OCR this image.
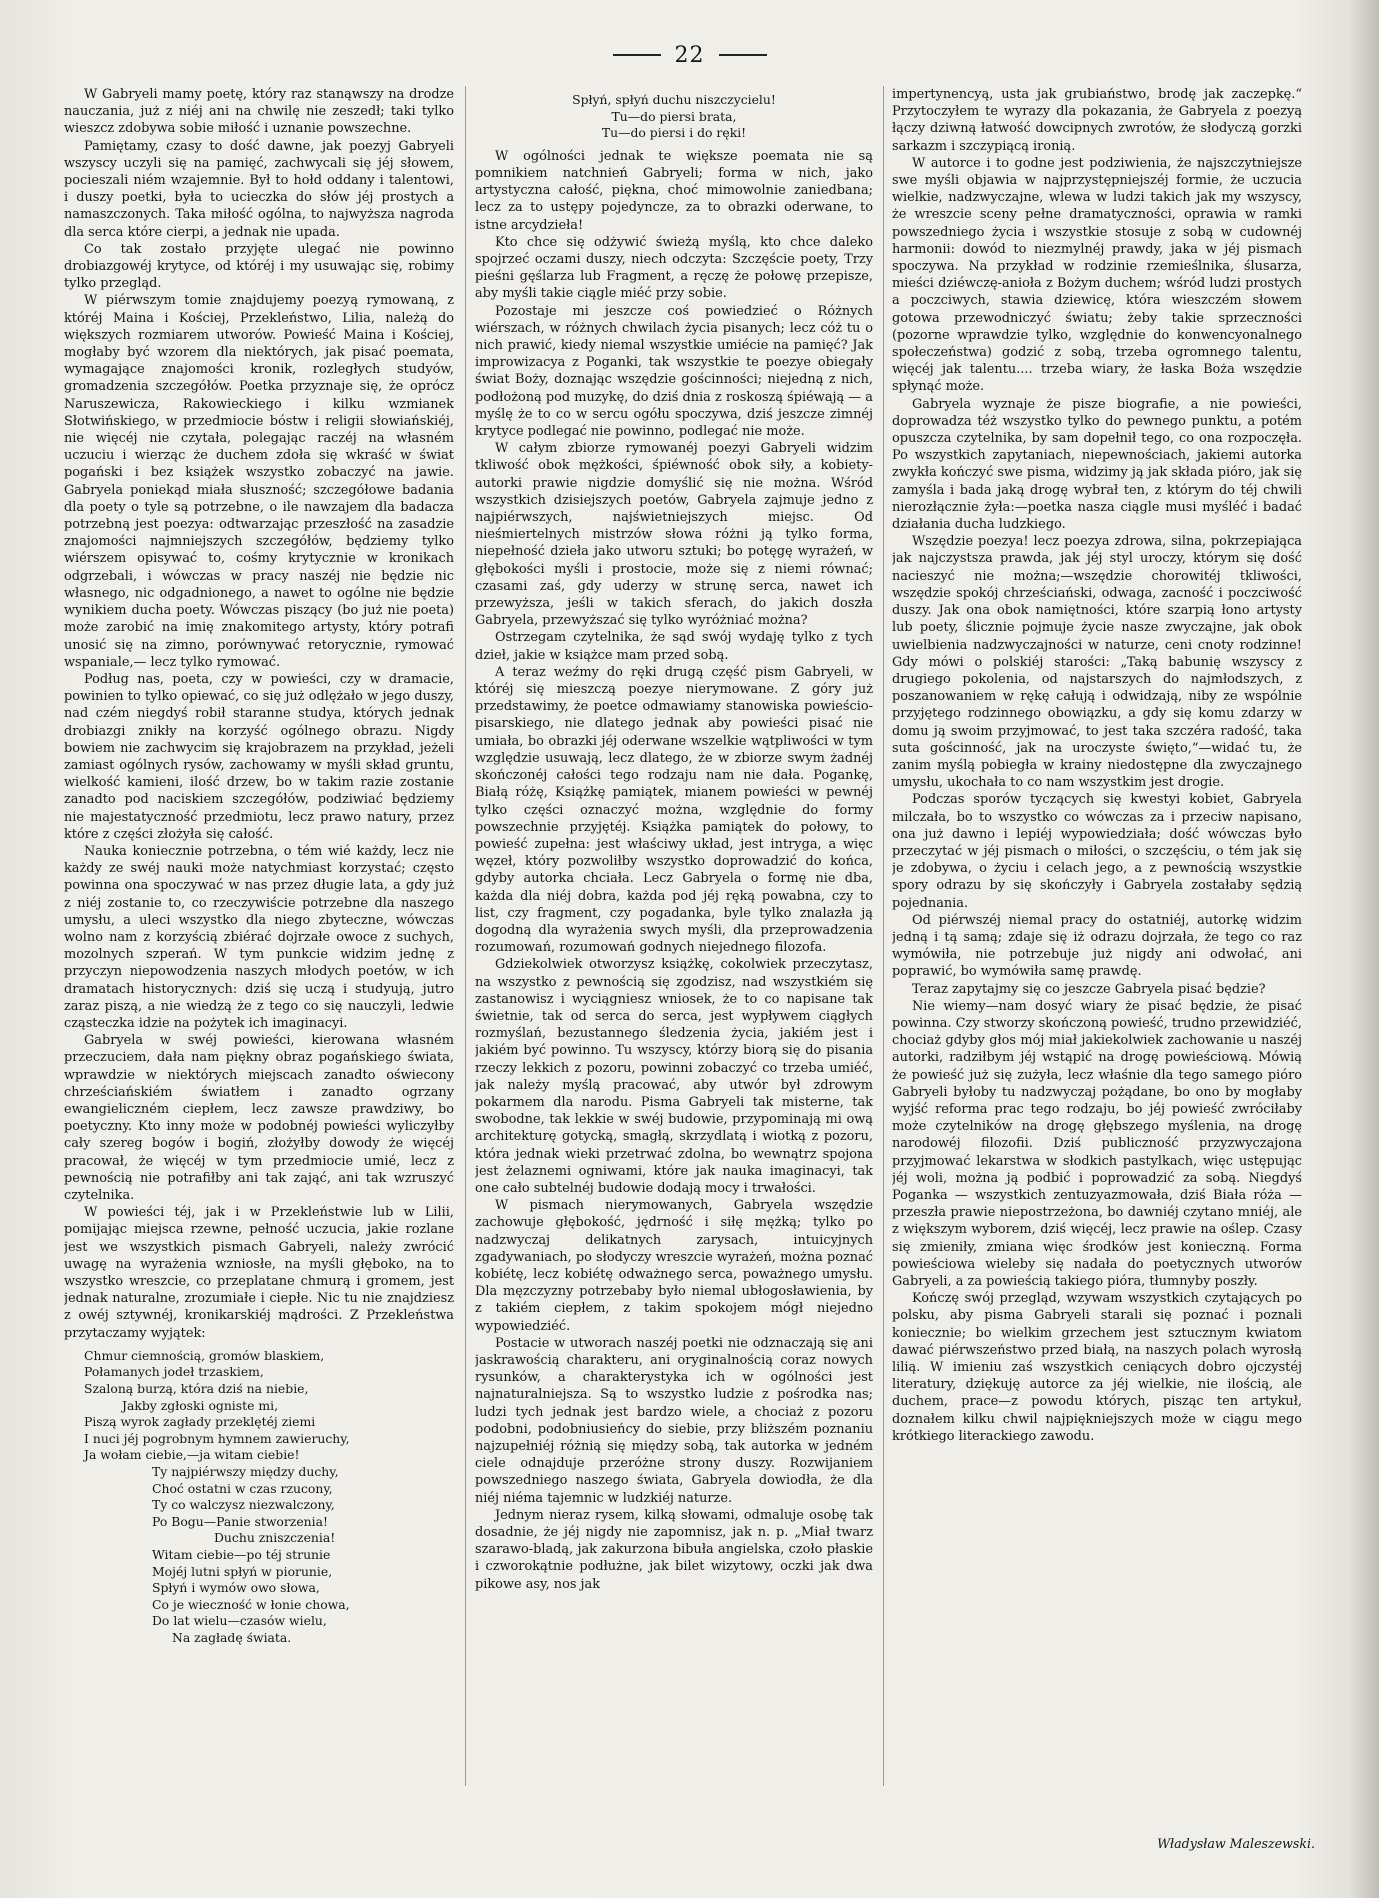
22

W Gabryeli mamy poetę, który raz stanąwszy na drodze nauczania, już z niéj ani na chwilę nie zeszedł; taki tylko wieszcz zdobywa sobie miłość i uznanie powszechne.

Pamiętamy, czasy to dość dawne, jak poezyj Gabryeli wszyscy uczyli się na pamięć, zachwycali się jéj słowem, pocieszali niém wzajemnie. Był to hołd oddany i talentowi, i duszy poetki, była to ucieczka do słów jéj prostych a namaszczonych. Taka miłość ogólna, to najwyższa nagroda dla serca które cierpi, a jednak nie upada.

Co tak zostało przyjęte ulegać nie powinno drobiazgowéj krytyce, od któréj i my usuwając się, robimy tylko przegląd.

W piérwszym tomie znajdujemy poezyą rymowaną, z któréj Maina i Kościej, Przekleństwo, Lilia, należą do większych rozmiarem utworów. Powieść Maina i Kościej, mogłaby być wzorem dla niektórych, jak pisać poemata, wymagające znajomości kronik, rozległych studyów, gromadzenia szczegółów. Poetka przyznaje się, że oprócz Naruszewicza, Rakowieckiego i kilku wzmianek Słotwińskiego, w przedmiocie bóstw i religii słowiańskiéj, nie więcéj nie czytała, polegając raczéj na własném uczuciu i wierząc że duchem zdoła się wkraść w świat pogański i bez książek wszystko zobaczyć na jawie. Gabryela poniekąd miała słuszność; szczegółowe badania dla poety o tyle są potrzebne, o ile nawzajem dla badacza potrzebną jest poezya: odtwarzając przeszłość na zasadzie znajomości najmniejszych szczegółów, będziemy tylko wiérszem opisywać to, cośmy krytycznie w kronikach odgrzebali, i wówczas w pracy naszéj nie będzie nic własnego, nic odgadnionego, a nawet to ogólne nie będzie wynikiem ducha poety. Wówczas piszący (bo już nie poeta) może zarobić na imię znakomitego artysty, który potrafi unosić się na zimno, porównywać retorycznie, rymować wspaniale,— lecz tylko rymować.

Podług nas, poeta, czy w powieści, czy w dramacie, powinien to tylko opiewać, co się już odlężało w jego duszy, nad czém niegdyś robił staranne studya, których jednak drobiazgi znikły na korzyść ogólnego obrazu. Nigdy bowiem nie zachwycim się krajobrazem na przykład, jeżeli zamiast ogólnych rysów, zachowamy w myśli skład gruntu, wielkość kamieni, ilość drzew, bo w takim razie zostanie zanadto pod naciskiem szczegółów, podziwiać będziemy nie majestatyczność przedmiotu, lecz prawo natury, przez które z części złożyła się całość.

Nauka koniecznie potrzebna, o tém wié każdy, lecz nie każdy ze swéj nauki może natychmiast korzystać; często powinna ona spoczywać w nas przez długie lata, a gdy już z niéj zostanie to, co rzeczywiście potrzebne dla naszego umysłu, a uleci wszystko dla niego zbyteczne, wówczas wolno nam z korzyścią zbiérać dojrzałe owoce z suchych, mozolnych szperań. W tym punkcie widzim jednę z przyczyn niepowodzenia naszych młodych poetów, w ich dramatach historycznych: dziś się uczą i studyują, jutro zaraz piszą, a nie wiedzą że z tego co się nauczyli, ledwie cząsteczka idzie na pożytek ich imaginacyi.

Gabryela w swéj powieści, kierowana własném przeczuciem, dała nam piękny obraz pogańskiego świata, wprawdzie w niektórych miejscach zanadto oświecony chrześciańskiém światłem i zanadto ogrzany ewangieliczném ciepłem, lecz zawsze prawdziwy, bo poetyczny. Kto inny może w podobnéj powieści wyliczyłby cały szereg bogów i bogiń, złożyłby dowody że więcéj pracował, że więcéj w tym przedmiocie umié, lecz z pewnością nie potrafiłby ani tak zająć, ani tak wzruszyć czytelnika.

W powieści téj, jak i w Przekleństwie lub w Lilii, pomijając miejsca rzewne, pełność uczucia, jakie rozlane jest we wszystkich pismach Gabryeli, należy zwrócić uwagę na wyrażenia wzniosłe, na myśli głęboko, na to wszystko wreszcie, co przeplatane chmurą i gromem, jest jednak naturalne, zrozumiałe i ciepłe. Nic tu nie znajdziesz z owéj sztywnéj, kronikarskiéj mądrości. Z Przekleństwa przytaczamy wyjątek:

Chmur ciemnością, gromów blaskiem,
Połamanych jodeł trzaskiem,
Szaloną burzą, która dziś na niebie,
Jakby zgłoski ogniste mi,
Piszą wyrok zagłady przeklętéj ziemi
I nuci jéj pogrobnym hymnem zawieruchy,
Ja wołam ciebie,—ja witam ciebie!
Ty najpiérwszy między duchy,
Choć ostatni w czas rzucony,
Ty co walczysz niezwalczony,
Po Bogu—Panie stworzenia!
Duchu zniszczenia!
Witam ciebie—po téj strunie
Mojéj lutni spłyń w piorunie,
Spłyń i wymów owo słowa,
Co je wieczność w łonie chowa,
Do lat wielu—czasów wielu,
Na zagładę świata.
Spłyń, spłyń duchu niszczycielu!
Tu—do piersi brata,
Tu—do piersi i do ręki!

W ogólności jednak te większe poemata nie są pomnikiem natchnień Gabryeli; forma w nich, jako artystyczna całość, piękna, choć mimowolnie zaniedbana; lecz za to ustępy pojedyncze, za to obrazki oderwane, to istne arcydzieła!

Kto chce się odżywić świeżą myślą, kto chce daleko spojrzeć oczami duszy, niech odczyta: Szczęście poety, Trzy pieśni gęślarza lub Fragment, a ręczę że połowę przepisze, aby myśli takie ciągle miéć przy sobie.

Pozostaje mi jeszcze coś powiedzieć o Różnych wiérszach, w różnych chwilach życia pisanych; lecz cóż tu o nich prawić, kiedy niemal wszystkie umiécie na pamięć? Jak improwizacya z Poganki, tak wszystkie te poezye obiegały świat Boży, doznając wszędzie gościnności; niejedną z nich, podłożoną pod muzykę, do dziś dnia z roskoszą śpiéwają — a myślę że to co w sercu ogółu spoczywa, dziś jeszcze zimnéj krytyce podlegać nie powinno, podlegać nie może.

W całym zbiorze rymowanéj poezyi Gabryeli widzim tkliwość obok mężkości, śpiéwność obok siły, a kobiety-autorki prawie nigdzie domyślić się nie można. Wśród wszystkich dzisiejszych poetów, Gabryela zajmuje jedno z najpiérwszych, najświetniejszych miejsc. Od nieśmiertelnych mistrzów słowa różni ją tylko forma, niepełność dzieła jako utworu sztuki; bo potęgę wyrażeń, w głębokości myśli i prostocie, może się z niemi równać; czasami zaś, gdy uderzy w strunę serca, nawet ich przewyższa, jeśli w takich sferach, do jakich doszła Gabryela, przewyższać się tylko wyróżniać można?

Ostrzegam czytelnika, że sąd swój wydaję tylko z tych dzieł, jakie w książce mam przed sobą.

A teraz weźmy do ręki drugą część pism Gabryeli, w któréj się mieszczą poezye nierymowane. Z góry już przedstawimy, że poetce odmawiamy stanowiska powieścio-pisarskiego, nie dlatego jednak aby powieści pisać nie umiała, bo obrazki jéj oderwane wszelkie wątpliwości w tym względzie usuwają, lecz dlatego, że w zbiorze swym żadnéj skończonéj całości tego rodzaju nam nie dała. Pogankę, Białą różę, Książkę pamiątek, mianem powieści w pewnéj tylko części oznaczyć można, względnie do formy powszechnie przyjętéj. Książka pamiątek do połowy, to powieść zupełna: jest właściwy układ, jest intryga, a więc węzeł, który pozwoliłby wszystko doprowadzić do końca, gdyby autorka chciała. Lecz Gabryela o formę nie dba, każda dla niéj dobra, każda pod jéj ręką powabna, czy to list, czy fragment, czy pogadanka, byle tylko znalazła ją dogodną dla wyrażenia swych myśli, dla przeprowadzenia rozumowań, rozumowań godnych niejednego filozofa.

Gdziekolwiek otworzysz książkę, cokolwiek przeczytasz, na wszystko z pewnością się zgodzisz, nad wszystkiém się zastanowisz i wyciągniesz wniosek, że to co napisane tak świetnie, tak od serca do serca, jest wypływem ciągłych rozmyślań, bezustannego śledzenia życia, jakiém jest i jakiém być powinno. Tu wszyscy, którzy biorą się do pisania rzeczy lekkich z pozoru, powinni zobaczyć co trzeba umiéć, jak należy myślą pracować, aby utwór był zdrowym pokarmem dla narodu. Pisma Gabryeli tak misterne, tak swobodne, tak lekkie w swéj budowie, przypominają mi ową architekturę gotycką, smagłą, skrzydlatą i wiotką z pozoru, która jednak wieki przetrwać zdolna, bo wewnątrz spojona jest żelaznemi ogniwami, które jak nauka imaginacyi, tak one cało subtelnéj budowie dodają mocy i trwałości.

W pismach nierymowanych, Gabryela wszędzie zachowuje głębokość, jędrność i siłę mężką; tylko po nadzwyczaj delikatnych zarysach, intuicyjnych zgadywaniach, po słodyczy wreszcie wyrażeń, można poznać kobiétę, lecz kobiétę odważnego serca, poważnego umysłu. Dla męzczyzny potrzebaby było niemal ubłogosławienia, by z takiém ciepłem, z takim spokojem mógł niejedno wypowiedziéć.

Postacie w utworach naszéj poetki nie odznaczają się ani jaskrawością charakteru, ani oryginalnością coraz nowych rysunków, a charakterystyka ich w ogólności jest najnaturalniejsza. Są to wszystko ludzie z pośrodka nas; ludzi tych jednak jest bardzo wiele, a chociaż z pozoru podobni, podobniusieńcy do siebie, przy bliższém poznaniu najzupełniéj różnią się między sobą, tak autorka w jedném ciele odnajduje przeróżne strony duszy. Rozwijaniem powszedniego naszego świata, Gabryela dowiodła, że dla niéj niéma tajemnic w ludzkiéj naturze.

Jednym nieraz rysem, kilką słowami, odmaluje osobę tak dosadnie, że jéj nigdy nie zapomnisz, jak n. p. „Miał twarz szarawo-bladą, jak zakurzona bibuła angielska, czoło płaskie i czworokątnie podłużne, jak bilet wizytowy, oczki jak dwa pikowe asy, nos jak

impertynencyą, usta jak grubiaństwo, brodę jak zaczepkę.“ Przytoczyłem te wyrazy dla pokazania, że Gabryela z poezyą łączy dziwną łatwość dowcipnych zwrotów, że słodyczą gorzki sarkazm i szczypiącą ironią.

W autorce i to godne jest podziwienia, że najszczytniejsze swe myśli objawia w najprzystępniejszéj formie, że uczucia wielkie, nadzwyczajne, wlewa w ludzi takich jak my wszyscy, że wreszcie sceny pełne dramatyczności, oprawia w ramki powszedniego życia i wszystkie stosuje z sobą w cudownéj harmonii: dowód to niezmylnéj prawdy, jaka w jéj pismach spoczywa. Na przykład w rodzinie rzemieślnika, ślusarza, mieści dziéwczę-anioła z Bożym duchem; wśród ludzi prostych a poczciwych, stawia dziewicę, która wieszczém słowem gotowa przewodniczyć światu; żeby takie sprzeczności (pozorne wprawdzie tylko, względnie do konwencyonalnego społeczeństwa) godzić z sobą, trzeba ogromnego talentu, więcéj jak talentu.... trzeba wiary, że łaska Boża wszędzie spłynąć może.

Gabryela wyznaje że pisze biografie, a nie powieści, doprowadza téż wszystko tylko do pewnego punktu, a potém opuszcza czytelnika, by sam dopełnił tego, co ona rozpoczęła. Po wszystkich zapytaniach, niepewnościach, jakiemi autorka zwykła kończyć swe pisma, widzimy ją jak składa pióro, jak się zamyśla i bada jaką drogę wybrał ten, z którym do téj chwili nierozłącznie żyła:—poetka nasza ciągle musi myśléć i badać działania ducha ludzkiego.

Wszędzie poezya! lecz poezya zdrowa, silna, pokrzepiająca jak najczystsza prawda, jak jéj styl uroczy, którym się dość nacieszyć nie można;—wszędzie chorowitéj tkliwości, wszędzie spokój chrześciański, odwaga, zacność i poczciwość duszy. Jak ona obok namiętności, które szarpią łono artysty lub poety, ślicznie pojmuje życie nasze zwyczajne, jak obok uwielbienia nadzwyczajności w naturze, ceni cnoty rodzinne! Gdy mówi o polskiéj starości: „Taką babunię wszyscy z drugiego pokolenia, od najstarszych do najmłodszych, z poszanowaniem w rękę całują i odwidzają, niby ze wspólnie przyjętego rodzinnego obowiązku, a gdy się komu zdarzy w domu ją swoim przyjmować, to jest taka szczéra radość, taka suta gościnność, jak na uroczyste święto,“—widać tu, że zanim myślą pobiegła w krainy niedostępne dla zwyczajnego umysłu, ukochała to co nam wszystkim jest drogie.

Podczas sporów tyczących się kwestyi kobiet, Gabryela milczała, bo to wszystko co wówczas za i przeciw napisano, ona już dawno i lepiéj wypowiedziała; dość wówczas było przeczytać w jéj pismach o miłości, o szczęściu, o tém jak się je zdobywa, o życiu i celach jego, a z pewnością wszystkie spory odrazu by się skończyły i Gabryela zostałaby sędzią pojednania.

Od piérwszéj niemal pracy do ostatniéj, autorkę widzim jedną i tą samą; zdaje się iż odrazu dojrzała, że tego co raz wymówiła, nie potrzebuje już nigdy ani odwołać, ani poprawić, bo wymówiła samę prawdę.

Teraz zapytajmy się co jeszcze Gabryela pisać będzie?

Nie wiemy—nam dosyć wiary że pisać będzie, że pisać powinna. Czy stworzy skończoną powieść, trudno przewidziéć, chociaż gdyby głos mój miał jakiekolwiek zachowanie u naszéj autorki, radziłbym jéj wstąpić na drogę powieściową. Mówią że powieść już się zużyła, lecz właśnie dla tego samego pióro Gabryeli byłoby tu nadzwyczaj pożądane, bo ono by mogłaby wyjść reforma prac tego rodzaju, bo jéj powieść zwróciłaby może czytelników na drogę głębszego myślenia, na drogę narodowéj filozofii. Dziś publiczność przyzwyczajona przyjmować lekarstwa w słodkich pastylkach, więc ustępując jéj woli, można ją podbić i poprowadzić za sobą. Niegdyś Poganka — wszystkich zentuzyazmowała, dziś Biała róża — przeszła prawie niepostrzeżona, bo dawniéj czytano mniéj, ale z większym wyborem, dziś więcéj, lecz prawie na oślep. Czasy się zmieniły, zmiana więc środków jest konieczną. Forma powieściowa wieleby się nadała do poetycznych utworów Gabryeli, a za powieścią takiego pióra, tłumnyby poszły.

Kończę swój przegląd, wzywam wszystkich czytających po polsku, aby pisma Gabryeli starali się poznać i poznali koniecznie; bo wielkim grzechem jest sztucznym kwiatom dawać piérwszeństwo przed białą, na naszych polach wyrosłą lilią. W imieniu zaś wszystkich ceniących dobro ojczystéj literatury, dziękuję autorce za jéj wielkie, nie ilością, ale duchem, prace—z powodu których, pisząc ten artykuł, doznałem kilku chwil najpiękniejszych może w ciągu mego krótkiego literackiego zawodu.

Władysław Maleszewski.
